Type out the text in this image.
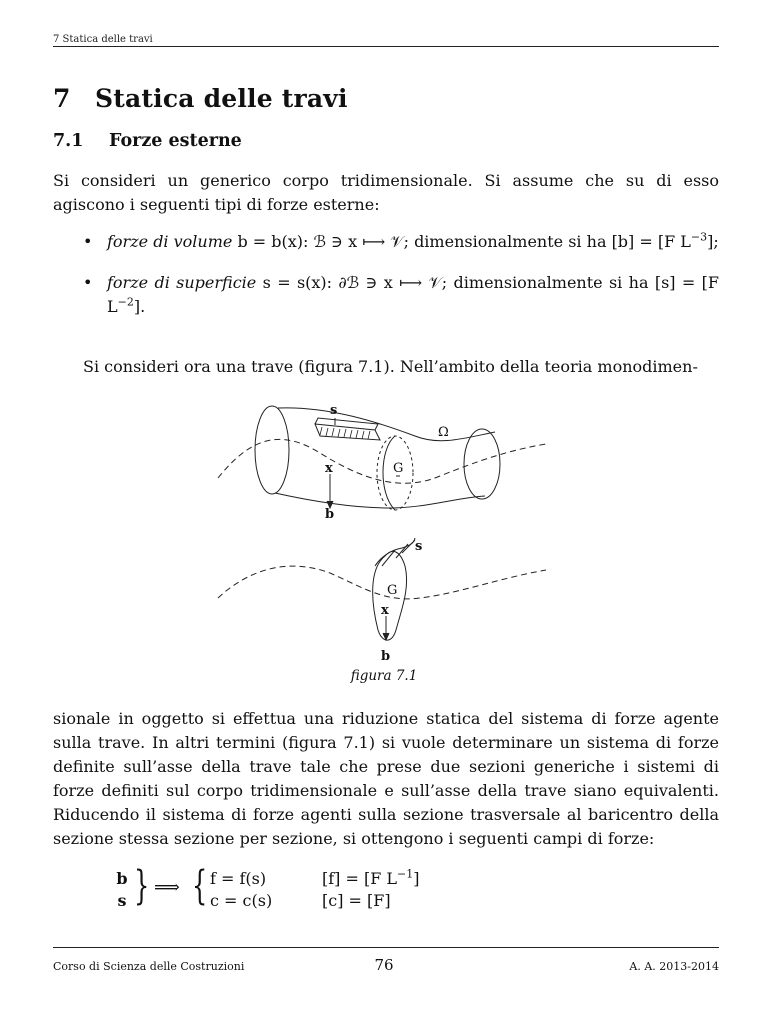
7 Statica delle travi
7 Statica delle travi
7.1 Forze esterne
Si consideri un generico corpo tridimensionale. Si assume che su di esso agiscono i seguenti tipi di forze esterne:
• forze di volume b = b(x): ℬ ∋ x ⟼ 𝒱; dimensionalmente si ha [b] = [F $L^{-3}$];
• forze di superficie s = s(x): ∂ℬ ∋ x ⟼ 𝒱; dimensionalmente si ha [s] = [F $L^{-2}$].
Si consideri ora una trave (figura 7.1). Nell’ambito della teoria monodimen-
s
Ω
x	G
b
s
G
x
b
figura 7.1
sionale in oggetto si effettua una riduzione statica del sistema di forze agente sulla trave. In altri termini (figura 7.1) si vuole determinare un sistema di forze definite sull’asse della trave tale che prese due sezioni generiche i sistemi di forze definiti sul corpo tridimensionale e sull’asse della trave siano equivalenti. Riducendo il sistema di forze agenti sulla sezione trasversale al baricentro della sezione stessa sezione per sezione, si ottengono i seguenti campi di forze:
b
s } ⟹ { f = f(s)	[f] = [F $L^{-1}$]
c = c(s)	[c] = [F]
Corso di Scienza delle Costruzioni	76	A. A. 2013-2014
